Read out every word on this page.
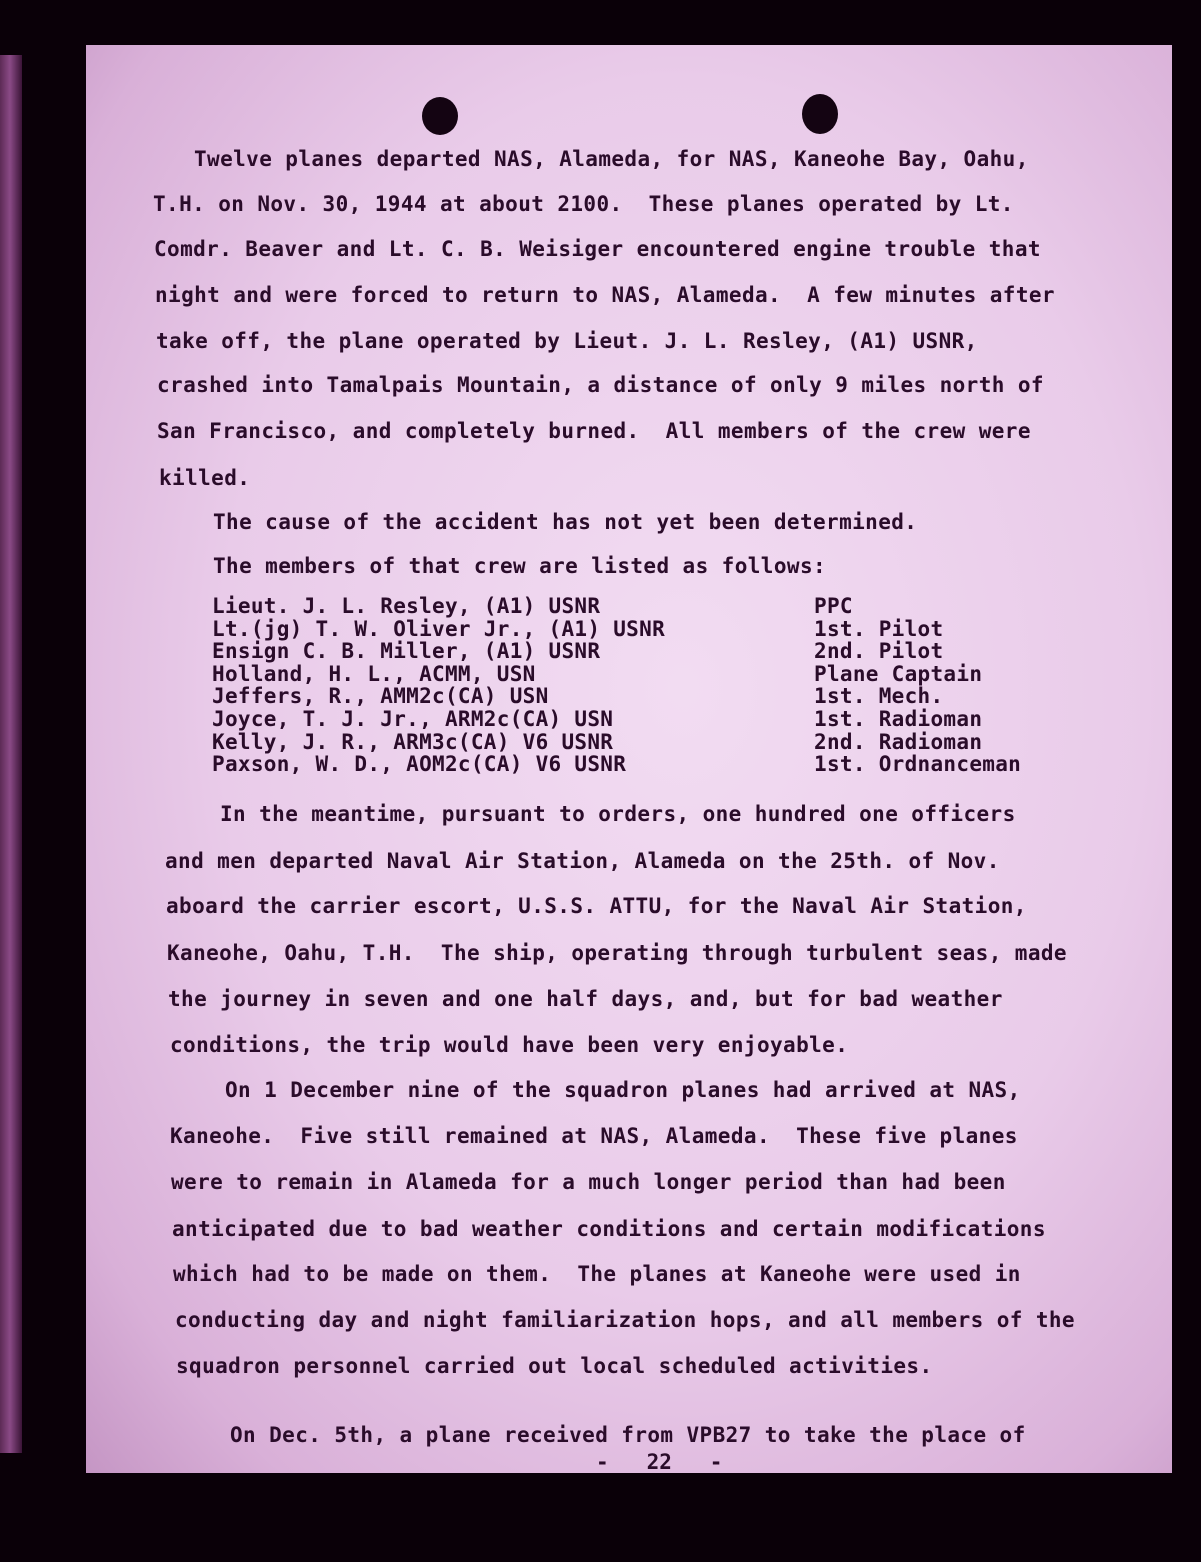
Twelve planes departed NAS, Alameda, for NAS, Kaneohe Bay, Oahu,
T.H. on Nov. 30, 1944 at about 2100.  These planes operated by Lt.
Comdr. Beaver and Lt. C. B. Weisiger encountered engine trouble that
night and were forced to return to NAS, Alameda.  A few minutes after
take off, the plane operated by Lieut. J. L. Resley, (A1) USNR,
crashed into Tamalpais Mountain, a distance of only 9 miles north of
San Francisco, and completely burned.  All members of the crew were
killed.
The cause of the accident has not yet been determined.
The members of that crew are listed as follows:
Lieut. J. L. Resley, (A1) USNR	PPC
Lt.(jg) T. W. Oliver Jr., (A1) USNR	1st. Pilot
Ensign C. B. Miller, (A1) USNR	2nd. Pilot
Holland, H. L., ACMM, USN	Plane Captain
Jeffers, R., AMM2c(CA) USN	1st. Mech.
Joyce, T. J. Jr., ARM2c(CA) USN	1st. Radioman
Kelly, J. R., ARM3c(CA) V6 USNR	2nd. Radioman
Paxson, W. D., AOM2c(CA) V6 USNR	1st. Ordnanceman
In the meantime, pursuant to orders, one hundred one officers
and men departed Naval Air Station, Alameda on the 25th. of Nov.
aboard the carrier escort, U.S.S. ATTU, for the Naval Air Station,
Kaneohe, Oahu, T.H.  The ship, operating through turbulent seas, made
the journey in seven and one half days, and, but for bad weather
conditions, the trip would have been very enjoyable.
On 1 December nine of the squadron planes had arrived at NAS,
Kaneohe.  Five still remained at NAS, Alameda.  These five planes
were to remain in Alameda for a much longer period than had been
anticipated due to bad weather conditions and certain modifications
which had to be made on them.  The planes at Kaneohe were used in
conducting day and night familiarization hops, and all members of the
squadron personnel carried out local scheduled activities.
On Dec. 5th, a plane received from VPB27 to take the place of
-   22   -
